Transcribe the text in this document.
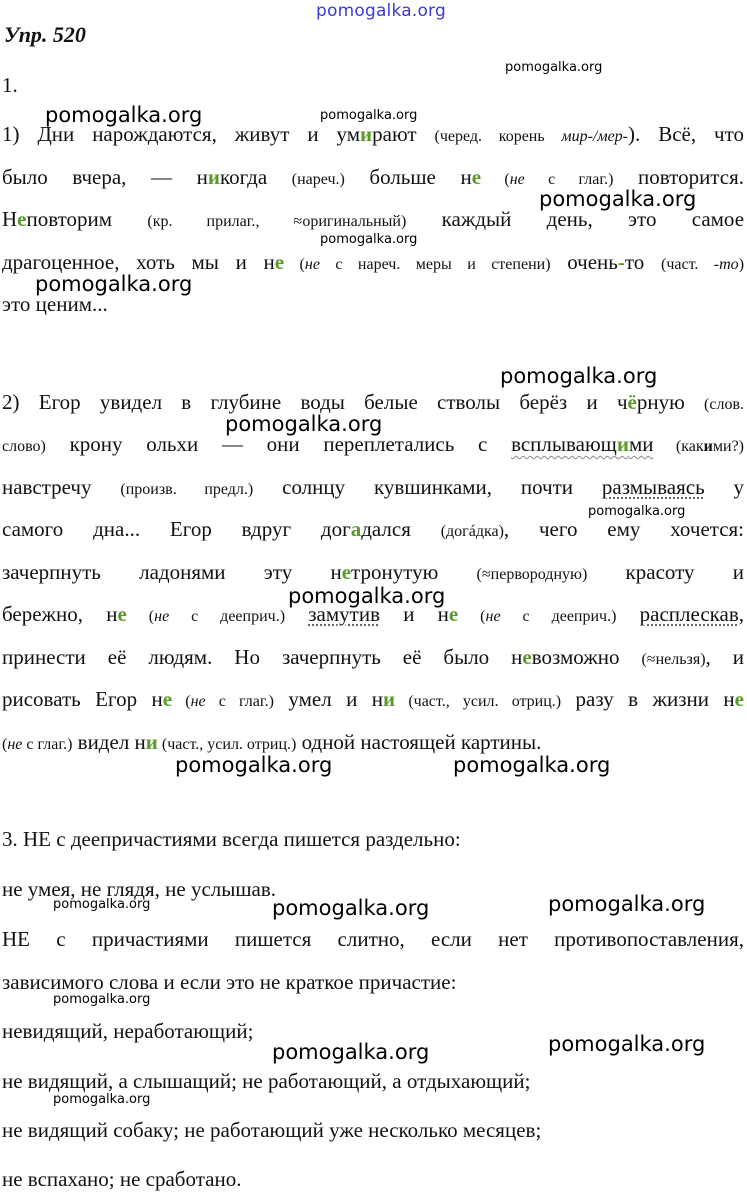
pomogalka.org
Упр. 520
1.
1) Дни нарождаются, живут и умирают (черед. корень мир-/мер-). Всё, что
было вчера, — никогда (нареч.) больше не (не с глаг.) повторится.
Неповторим (кр. прилаг., ≈оригинальный) каждый день, это самое
драгоценное, хоть мы и не (не с нареч. меры и степени) очень-то (част. -то)
это ценим...
2) Егор увидел в глубине воды белые стволы берёз и чёрную (слов.
слово) крону ольхи — они переплетались с всплывающими (какими?)
навстречу (произв. предл.) солнцу кувшинками, почти размываясь у
самого дна... Егор вдруг догадался (догáдка), чего ему хочется:
зачерпнуть ладонями эту нетронутую (≈первородную) красоту и
бережно, не (не с дееприч.) замутив и не (не с дееприч.) расплескав,
принести её людям. Но зачерпнуть её было невозможно (≈нельзя), и
рисовать Егор не (не с глаг.) умел и ни (част., усил. отриц.) разу в жизни не
(не с глаг.) видел ни (част., усил. отриц.) одной настоящей картины.
3. НЕ с деепричастиями всегда пишется раздельно:
не умея, не глядя, не услышав.
НЕ с причастиями пишется слитно, если нет противопоставления,
зависимого слова и если это не краткое причастие:
невидящий, неработающий;
не видящий, а слышащий; не работающий, а отдыхающий;
не видящий собаку; не работающий уже несколько месяцев;
не вспахано; не сработано.
pomogalka.org
pomogalka.org	pomogalka.org
pomogalka.org
pomogalka.org
pomogalka.org
pomogalka.org
pomogalka.org
pomogalka.org
pomogalka.org
pomogalka.org	pomogalka.org
pomogalka.org	pomogalka.org	pomogalka.org
pomogalka.org
pomogalka.org	pomogalka.org
pomogalka.org
